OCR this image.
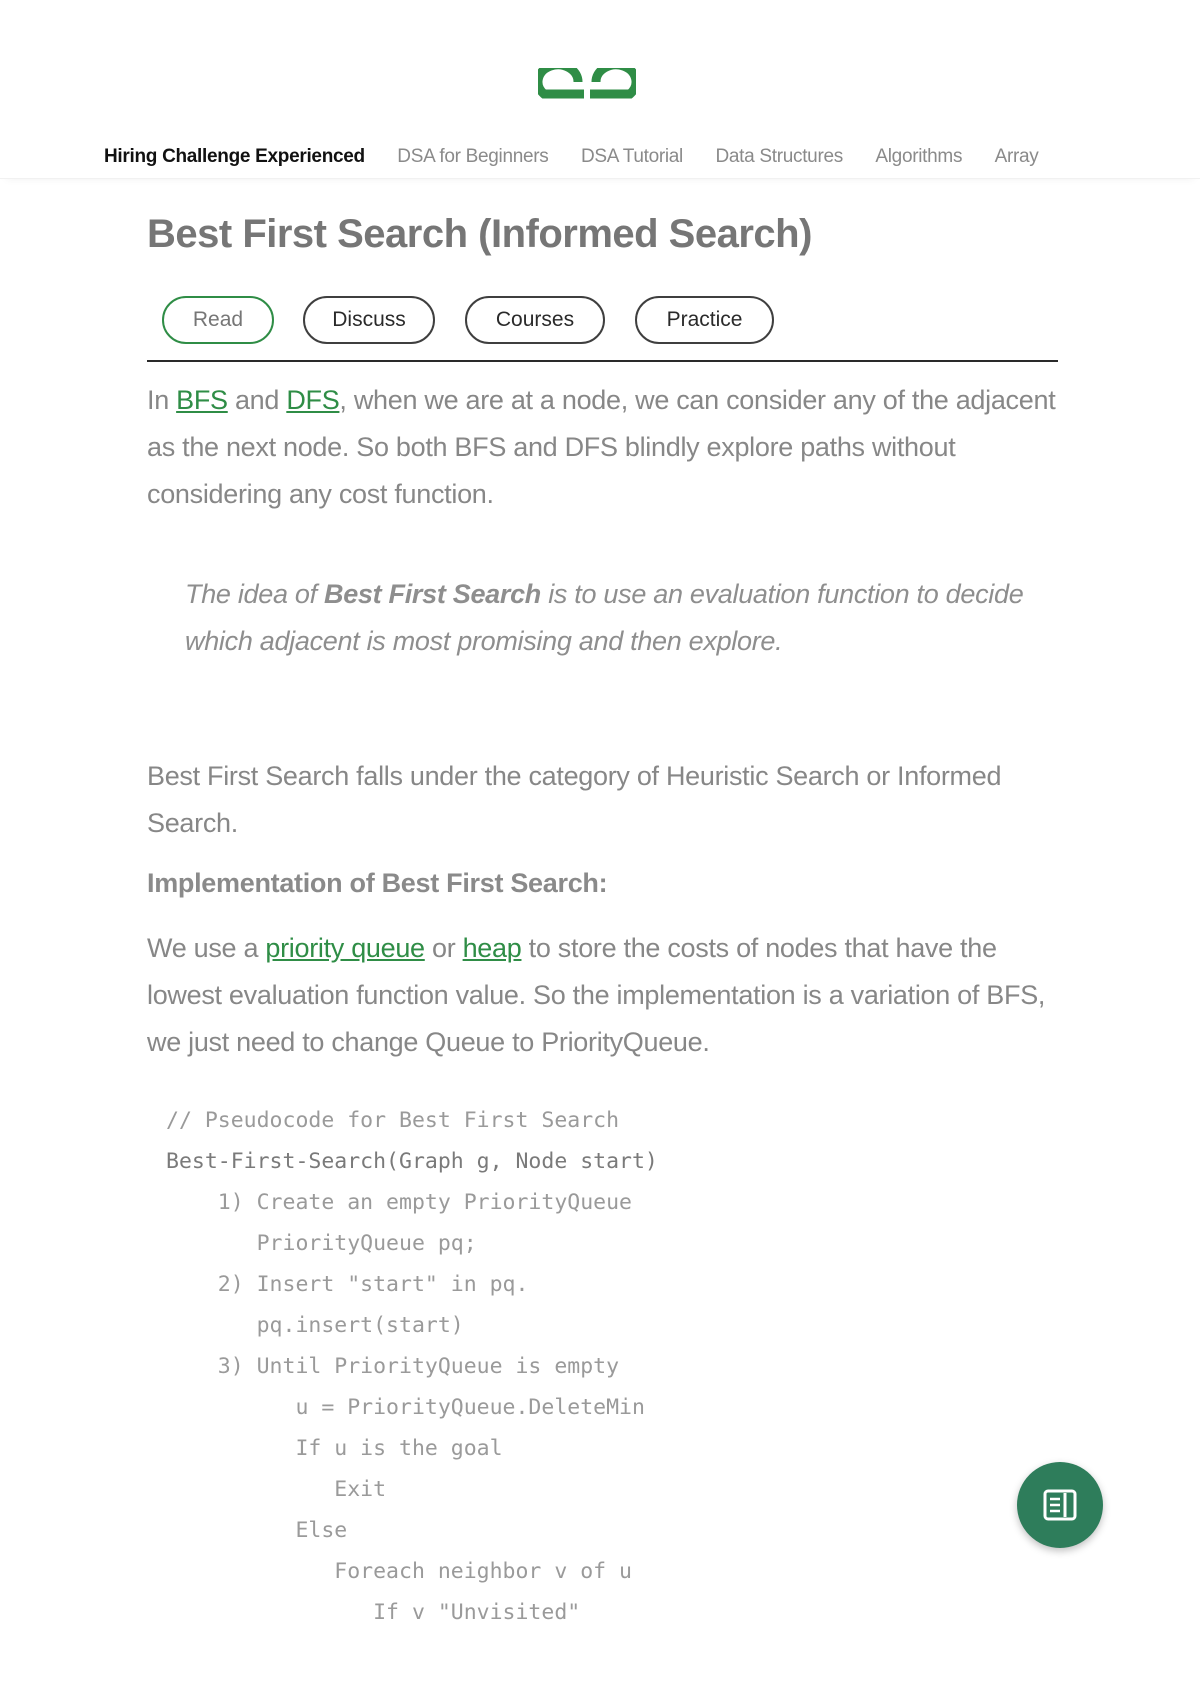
Hiring Challenge Experienced DSA for Beginners DSA Tutorial Data Structures Algorithms Array
Best First Search (Informed Search)
Read	Discuss	Courses	Practice

In BFS and DFS, when we are at a node, we can consider any of the adjacent as the next node. So both BFS and DFS blindly explore paths without considering any cost function.

The idea of Best First Search is to use an evaluation function to decide which adjacent is most promising and then explore.

Best First Search falls under the category of Heuristic Search or Informed Search.

Implementation of Best First Search:

We use a priority queue or heap to store the costs of nodes that have the lowest evaluation function value. So the implementation is a variation of BFS, we just need to change Queue to PriorityQueue.

// Pseudocode for Best First Search
Best-First-Search(Graph g, Node start)
1) Create an empty PriorityQueue
PriorityQueue pq;
2) Insert "start" in pq.
pq.insert(start)
3) Until PriorityQueue is empty
u = PriorityQueue.DeleteMin
If u is the goal
Exit
Else
Foreach neighbor v of u
If v "Unvisited"
